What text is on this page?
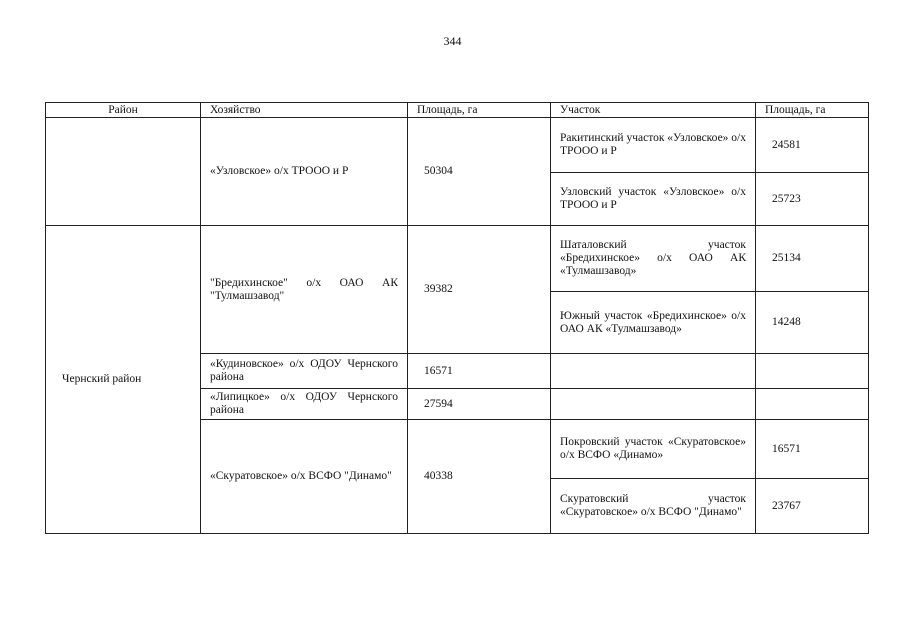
344
Район	Хозяйство	Площадь, га	Участок	Площадь, га
	«Узловское» о/х ТРООО и Р	50304	Ракитинский участок «Узловское» о/х ТРООО и Р	24581
			Узловский участок «Узловское» о/х ТРООО и Р	25723
Чернский район	"Бредихинское" о/х ОАО АК "Тулмашзавод"	39382	Шаталовский участок «Бредихинское» о/х ОАО АК «Тулмашзавод»	25134
			Южный участок «Бредихинское» о/х ОАО АК «Тулмашзавод»	14248
	«Кудиновское» о/х ОДОУ Чернского района	16571		
	«Липицкое» о/х ОДОУ Чернского района	27594		
	«Скуратовское» о/х ВСФО "Динамо"	40338	Покровский участок «Скуратовское» о/х ВСФО «Динамо»	16571
			Скуратовский участок «Скуратовское» о/х ВСФО "Динамо"	23767
